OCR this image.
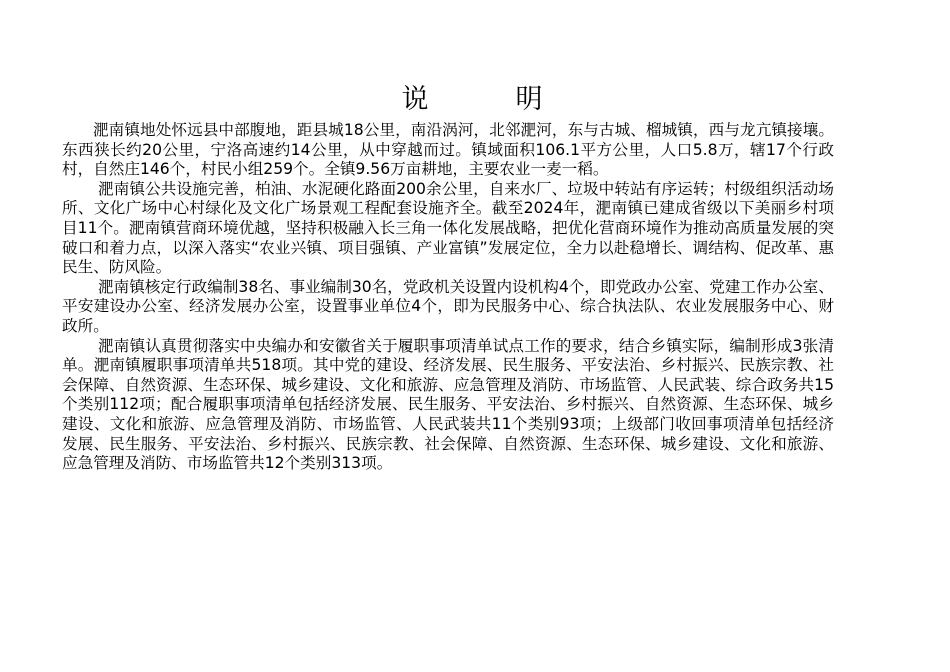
说　明

淝南镇地处怀远县中部腹地，距县城18公里，南沿涡河，北邻淝河，东与古城、榴城镇，西与龙亢镇接壤。东西狭长约20公里，宁洛高速约14公里，从中穿越而过。镇域面积106.1平方公里，人口5.8万，辖17个行政村，自然庄146个，村民小组259个。全镇9.56万亩耕地，主要农业一麦一稻。

淝南镇公共设施完善，柏油、水泥硬化路面200余公里，自来水厂、垃圾中转站有序运转；村级组织活动场所、文化广场中心村绿化及文化广场景观工程配套设施齐全。截至2024年，淝南镇已建成省级以下美丽乡村项目11个。淝南镇营商环境优越，坚持积极融入长三角一体化发展战略，把优化营商环境作为推动高质量发展的突破口和着力点，以深入落实“农业兴镇、项目强镇、产业富镇”发展定位，全力以赴稳增长、调结构、促改革、惠民生、防风险。

淝南镇核定行政编制38名、事业编制30名，党政机关设置内设机构4个，即党政办公室、党建工作办公室、平安建设办公室、经济发展办公室，设置事业单位4个，即为民服务中心、综合执法队、农业发展服务中心、财政所。

淝南镇认真贯彻落实中央编办和安徽省关于履职事项清单试点工作的要求，结合乡镇实际，编制形成3张清单。淝南镇履职事项清单共518项。其中党的建设、经济发展、民生服务、平安法治、乡村振兴、民族宗教、社会保障、自然资源、生态环保、城乡建设、文化和旅游、应急管理及消防、市场监管、人民武装、综合政务共15个类别112项；配合履职事项清单包括经济发展、民生服务、平安法治、乡村振兴、自然资源、生态环保、城乡建设、文化和旅游、应急管理及消防、市场监管、人民武装共11个类别93项；上级部门收回事项清单包括经济发展、民生服务、平安法治、乡村振兴、民族宗教、社会保障、自然资源、生态环保、城乡建设、文化和旅游、应急管理及消防、市场监管共12个类别313项。
